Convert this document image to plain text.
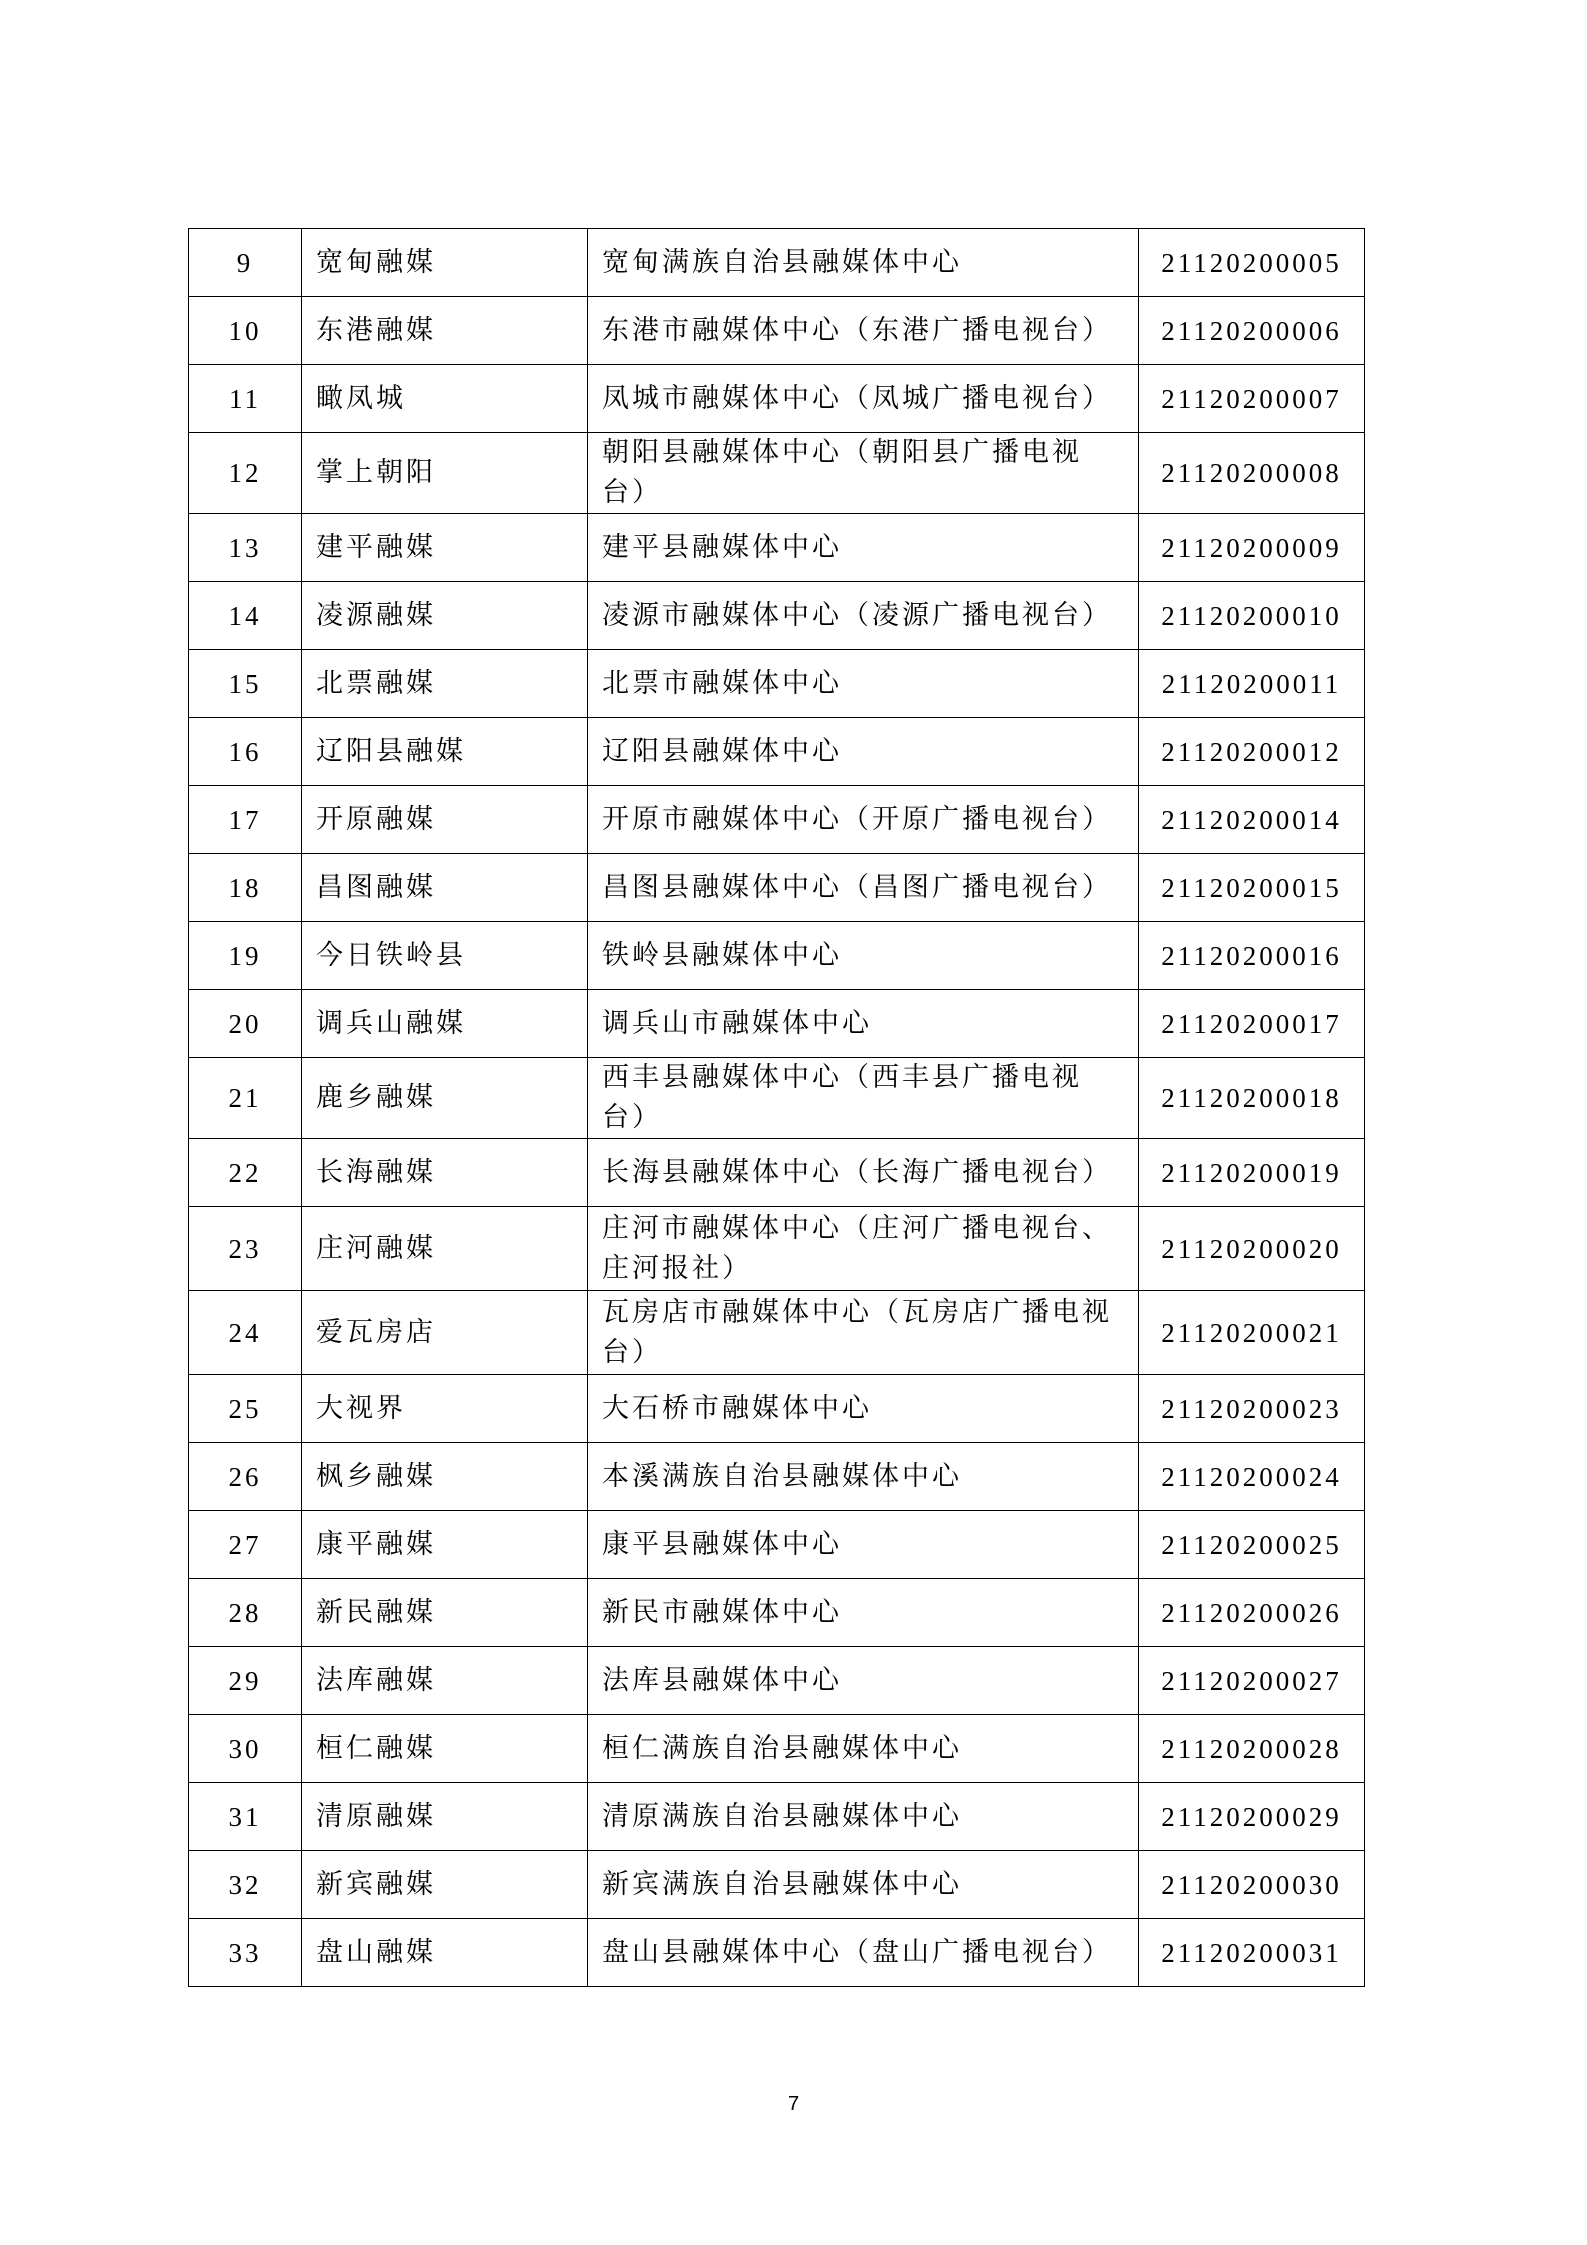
9	宽甸融媒	宽甸满族自治县融媒体中心	21120200005
10	东港融媒	东港市融媒体中心（东港广播电视台）	21120200006
11	瞰凤城	凤城市融媒体中心（凤城广播电视台）	21120200007
12	掌上朝阳	朝阳县融媒体中心（朝阳县广播电视台）	21120200008
13	建平融媒	建平县融媒体中心	21120200009
14	凌源融媒	凌源市融媒体中心（凌源广播电视台）	21120200010
15	北票融媒	北票市融媒体中心	21120200011
16	辽阳县融媒	辽阳县融媒体中心	21120200012
17	开原融媒	开原市融媒体中心（开原广播电视台）	21120200014
18	昌图融媒	昌图县融媒体中心（昌图广播电视台）	21120200015
19	今日铁岭县	铁岭县融媒体中心	21120200016
20	调兵山融媒	调兵山市融媒体中心	21120200017
21	鹿乡融媒	西丰县融媒体中心（西丰县广播电视台）	21120200018
22	长海融媒	长海县融媒体中心（长海广播电视台）	21120200019
23	庄河融媒	庄河市融媒体中心（庄河广播电视台、庄河报社）	21120200020
24	爱瓦房店	瓦房店市融媒体中心（瓦房店广播电视台）	21120200021
25	大视界	大石桥市融媒体中心	21120200023
26	枫乡融媒	本溪满族自治县融媒体中心	21120200024
27	康平融媒	康平县融媒体中心	21120200025
28	新民融媒	新民市融媒体中心	21120200026
29	法库融媒	法库县融媒体中心	21120200027
30	桓仁融媒	桓仁满族自治县融媒体中心	21120200028
31	清原融媒	清原满族自治县融媒体中心	21120200029
32	新宾融媒	新宾满族自治县融媒体中心	21120200030
33	盘山融媒	盘山县融媒体中心（盘山广播电视台）	21120200031
7
